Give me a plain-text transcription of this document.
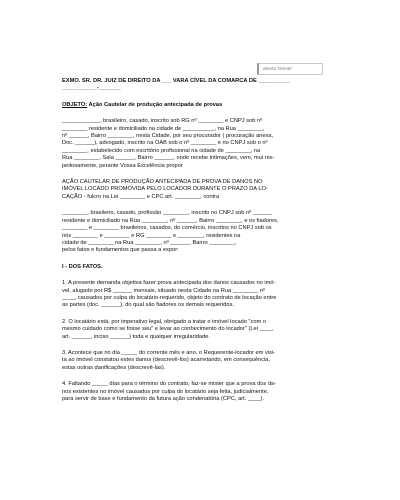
aberto 'Direito'

EXMO. SR. DR. JUIZ DE DIREITO DA ___ VARA CÍVEL DA COMARCA DE __________

___________-_______

OBJETO: Ação Cautelar de produção antecipada de provas

____________, brasileiro, casado, inscrito sob RG nº ________ e CNPJ sob nº

________ residente e domiciliado na cidade de __________, na Rua ________,

nº ______, Bairro ________, nesta Cidade, por seu procurador ( procuração anexa,

Doc. ______), advogado, inscrito na OAB sob o nº ________ e no CNPJ sob o nº

________, estabelecido com escritório profissional na cidade de ________, na

Rua ________, Sala ______, Bairro ______, onde recebe intimações, vem, mui res-

peitosamente, perante Vossa Excelência propor

AÇÃO CAUTELAR DE PRODUÇÃO ANTECIPADA DE PROVA DE DANOS NO

IMÓVEL LOCADO PROMOVIDA PELO LOCADOR DURANTE O PRAZO DA LO-

CAÇÃO - fulcro na Lei ________ e CPC art. ________, contra

________, brasileiro, casado, profissão ________, inscrito no CNPJ sob nº ______

residente e domiciliado na Rua ________, nº ______, Bairro ________, e os fiadores,

________ e ________ brasileiros, casados, do comércio, inscritos no CNPJ sob os

nós ________ e ________ e RG ________ e ________, residentes na

cidade de ________ na Rua ________, nº ______, Bairro ________,

pelos fatos e fundamentos que passa a expor:

I - DOS FATOS.

1. A presente demanda objetiva fazer prova antecipada dos danos causados no imó-

vel, alugado por R$ ______ mensais, situado nesta Cidade na Rua ________ nº

____, causados por culpa do locatário-requerido, objeto do contrato de locação entre

as partes (doc. ______), do qual são fiadores os demais requeridos.

2. O locatário está, por imperativo legal, obrigado a tratar o imóvel locado "com o

mesmo cuidado como se fosse seu" e levar ao conhecimento do locador" (Lei ____,

art. ______, inciso ______) toda e qualquer irregularidade.

3. Acontece que no dia _____ do corrente mês e ano, o Requerente-locador em visi-

ta ao imóvel constatou estes danos (descrevê-los) acarretando, em consequência,

estas outras danificações (descrevê-las).

4. Faltando _____ dias para o término do contrato, faz-se mister que a prova dos da-

nos existentes no imóvel causados por culpa do locatário seja feita, judicialmente,

para servir de base e fundamento da futura ação condenatória (CPC, art. ____).
